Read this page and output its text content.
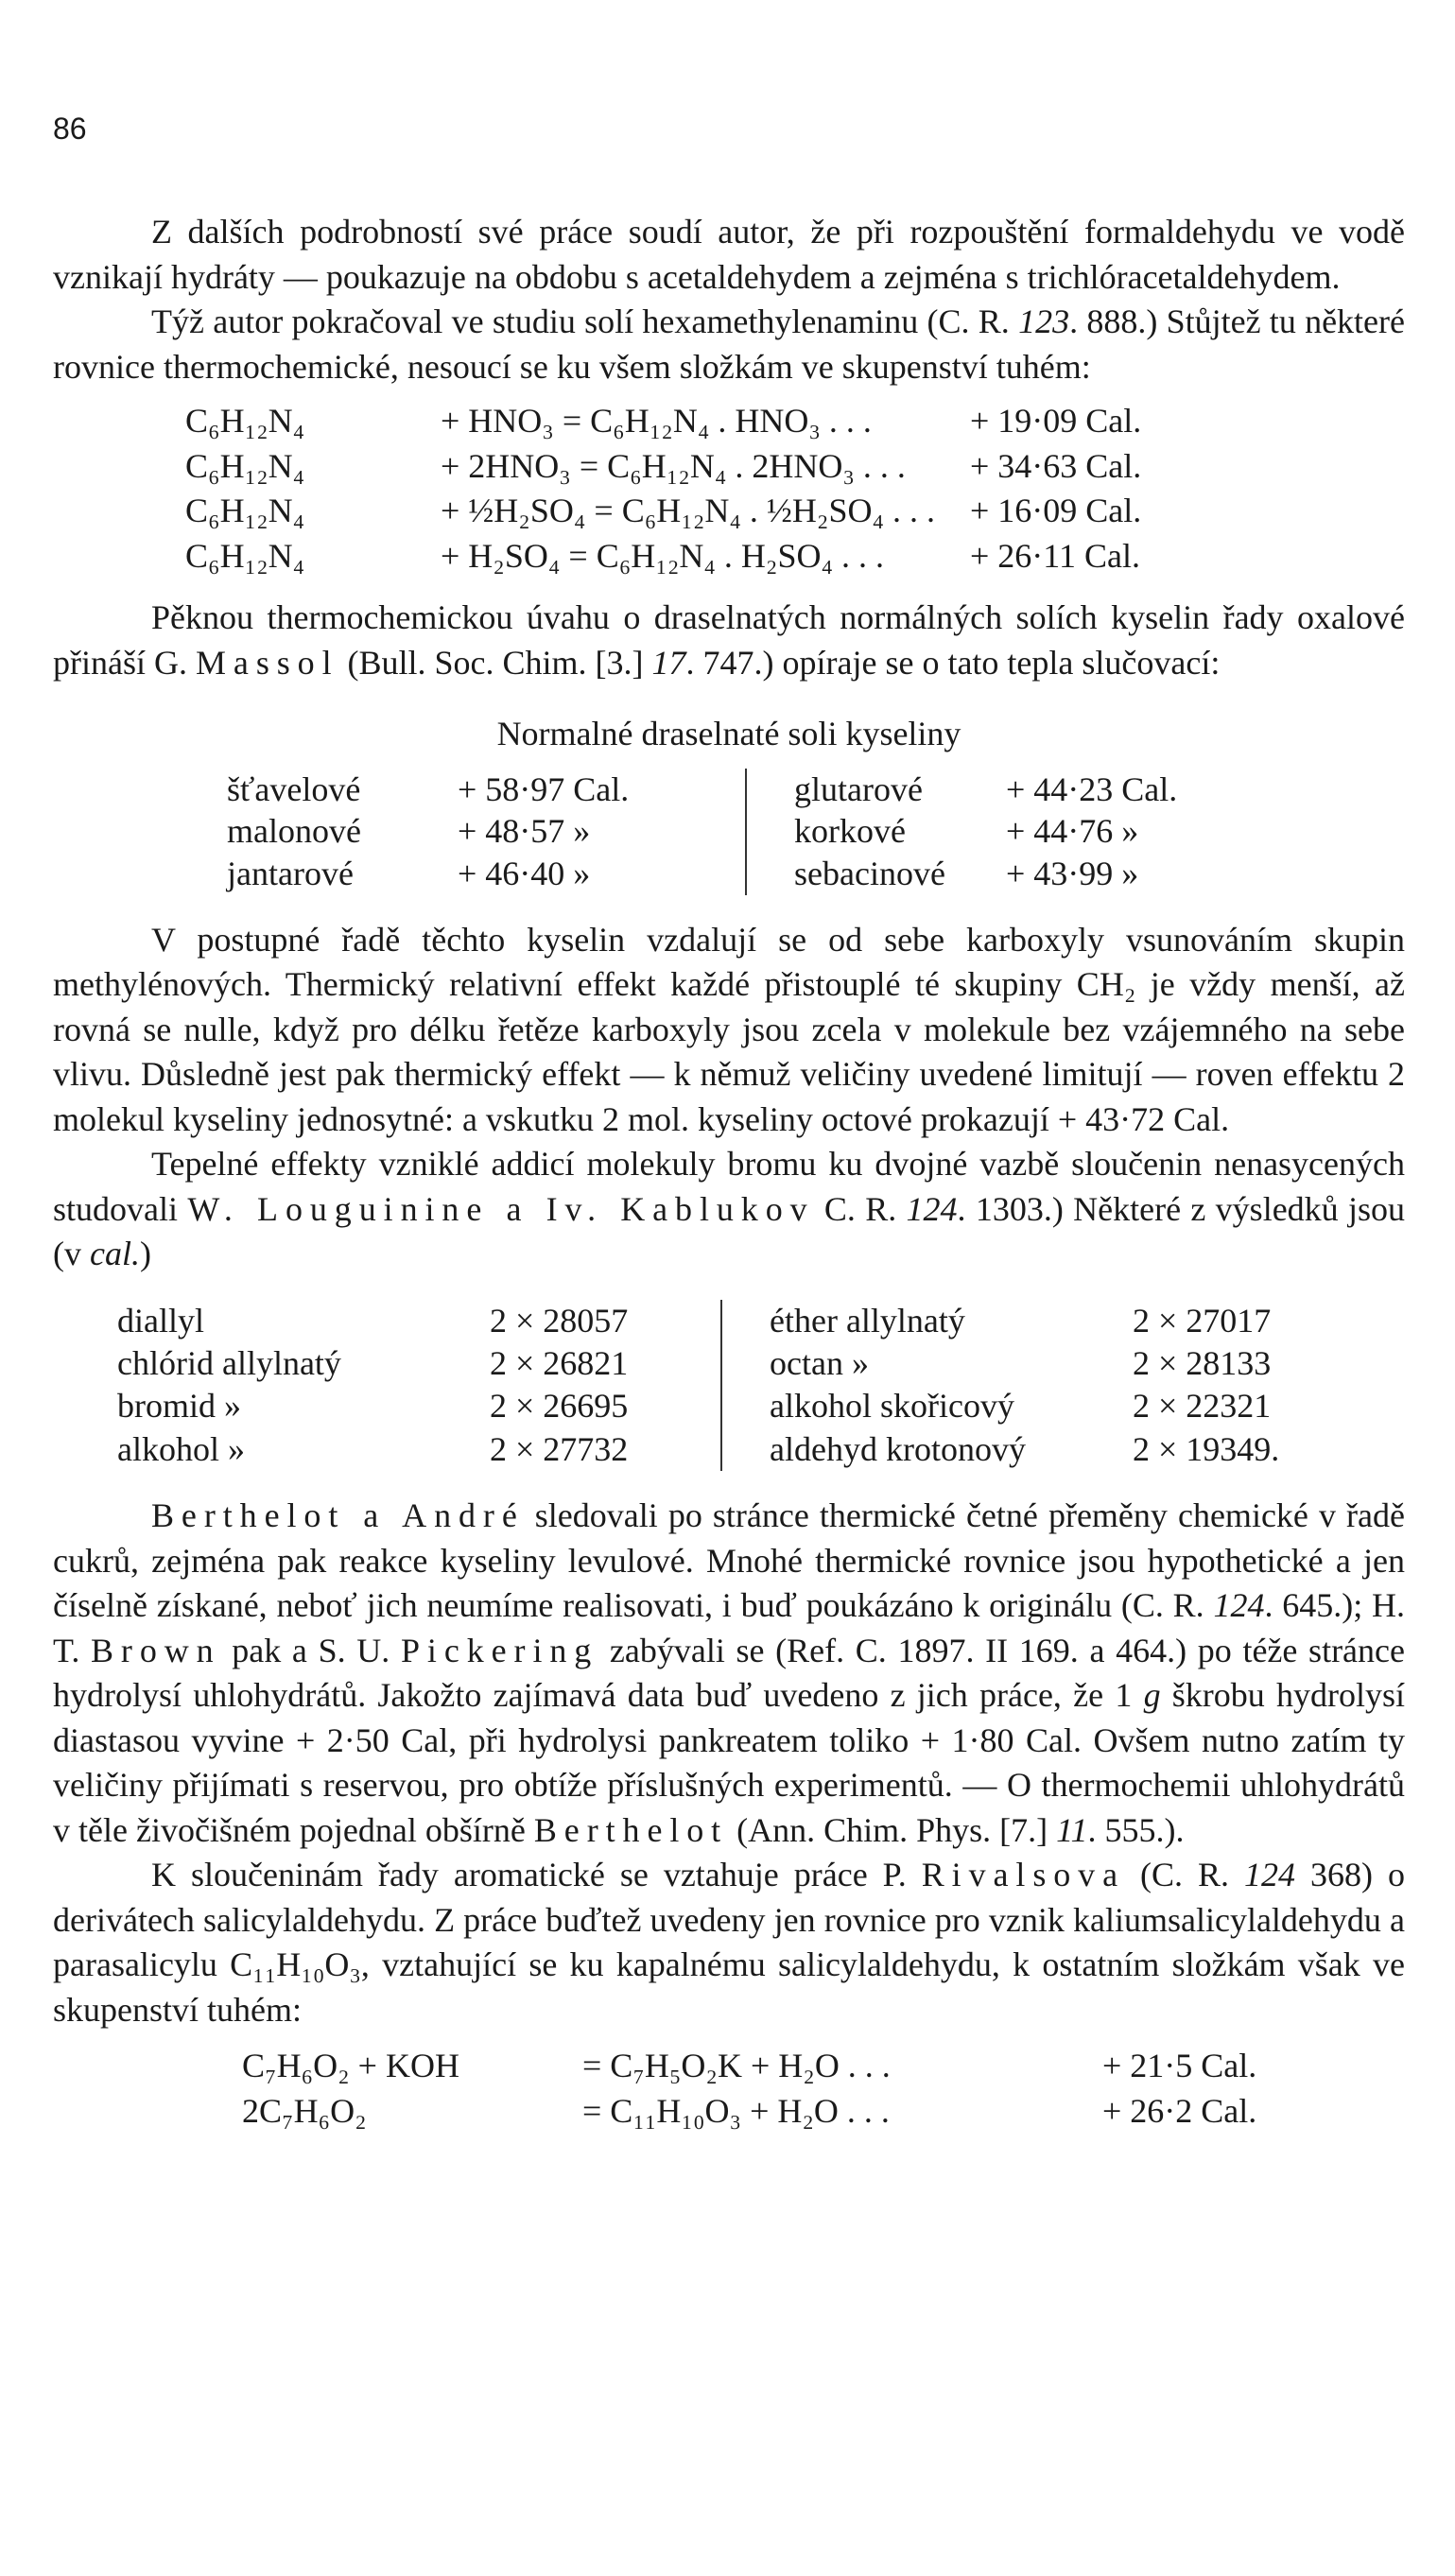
86

Z dalších podrobností své práce soudí autor, že při rozpouštění formaldehydu ve vodě vznikají hydráty — poukazuje na obdobu s acetaldehydem a zejména s trichlóracetaldehydem.

Týž autor pokračoval ve studiu solí hexamethylenaminu (C. R. 123. 888.) Stůjtež tu některé rovnice thermochemické, nesoucí se ku všem složkám ve skupenství tuhém:

C₆H₁₂N₄	+ HNO₃ = C₆H₁₂N₄ . HNO₃ . . .	+ 19·09 Cal.
C₆H₁₂N₄	+ 2HNO₃ = C₆H₁₂N₄ . 2HNO₃ . . .	+ 34·63 Cal.
C₆H₁₂N₄	+ ½H₂SO₄ = C₆H₁₂N₄ . ½H₂SO₄ . . .	+ 16·09 Cal.
C₆H₁₂N₄	+ H₂SO₄ = C₆H₁₂N₄ . H₂SO₄ . . .	+ 26·11 Cal.

Pěknou thermochemickou úvahu o draselnatých normálných solích kyselin řady oxalové přináší G. Massol (Bull. Soc. Chim. [3.] 17. 747.) opíraje se o tato tepla slučovací:

Normalné draselnaté soli kyseliny
šťavelové	+ 58·97 Cal.	glutarové	+ 44·23 Cal.
malonové	+ 48·57 »	korkové	+ 44·76 »
jantarové	+ 46·40 »	sebacinové	+ 43·99 »

V postupné řadě těchto kyselin vzdalují se od sebe karboxyly vsunováním skupin methylénových. Thermický relativní effekt každé přistouplé té skupiny CH₂ je vždy menší, až rovná se nulle, když pro délku řetěze karboxyly jsou zcela v molekule bez vzájemného na sebe vlivu. Důsledně jest pak thermický effekt — k němuž veličiny uvedené limitují — roven effektu 2 molekul kyseliny jednosytné: a vskutku 2 mol. kyseliny octové prokazují + 43·72 Cal.

Tepelné effekty vzniklé addicí molekuly bromu ku dvojné vazbě sloučenin nenasycených studovali W. Louguinine a Iv. Kablukov C. R. 124. 1303.) Některé z výsledků jsou (v cal.)

diallyl	2 × 28057	éther allylnatý	2 × 27017
chlórid allylnatý	2 × 26821	octan »	2 × 28133
bromid »	2 × 26695	alkohol skořicový	2 × 22321
alkohol »	2 × 27732	aldehyd krotonový	2 × 19349.

Berthelot a André sledovali po stránce thermické četné přeměny chemické v řadě cukrů, zejména pak reakce kyseliny levulové. Mnohé thermické rovnice jsou hypothetické a jen číselně získané, neboť jich neumíme realisovati, i buď poukázáno k originálu (C. R. 124. 645.); H. T. Brown pak a S. U. Pickering zabývali se (Ref. C. 1897. II 169. a 464.) po téže stránce hydrolysí uhlohydrátů. Jakožto zajímavá data buď uvedeno z jich práce, že 1 g škrobu hydrolysí diastasou vyvine + 2·50 Cal, při hydrolysi pankreatem toliko + 1·80 Cal. Ovšem nutno zatím ty veličiny přijímati s reservou, pro obtíže příslušných experimentů. — O thermochemii uhlohydrátů v těle živočišném pojednal obšírně Berthelot (Ann. Chim. Phys. [7.] 11. 555.).

K sloučeninám řady aromatické se vztahuje práce P. Rivalsova (C. R. 124 368) o derivátech salicylaldehydu. Z práce buďtež uvedeny jen rovnice pro vznik kaliumsalicylaldehydu a parasalicylu C₁₁H₁₀O₃, vztahující se ku kapalnému salicylaldehydu, k ostatním složkám však ve skupenství tuhém:

C₇H₆O₂ + KOH	= C₇H₅O₂K + H₂O . . .	+ 21·5 Cal.
2C₇H₆O₂	= C₁₁H₁₀O₃ + H₂O . . .	+ 26·2 Cal.
